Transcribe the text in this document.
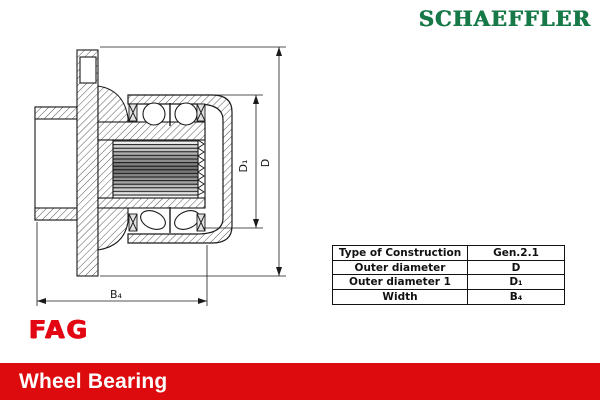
SCHAEFFLER
D
D₁
B₄
Type of Construction	Gen.2.1
Outer diameter	D
Outer diameter 1	D₁
Width	B₄
FAG
Wheel Bearing
